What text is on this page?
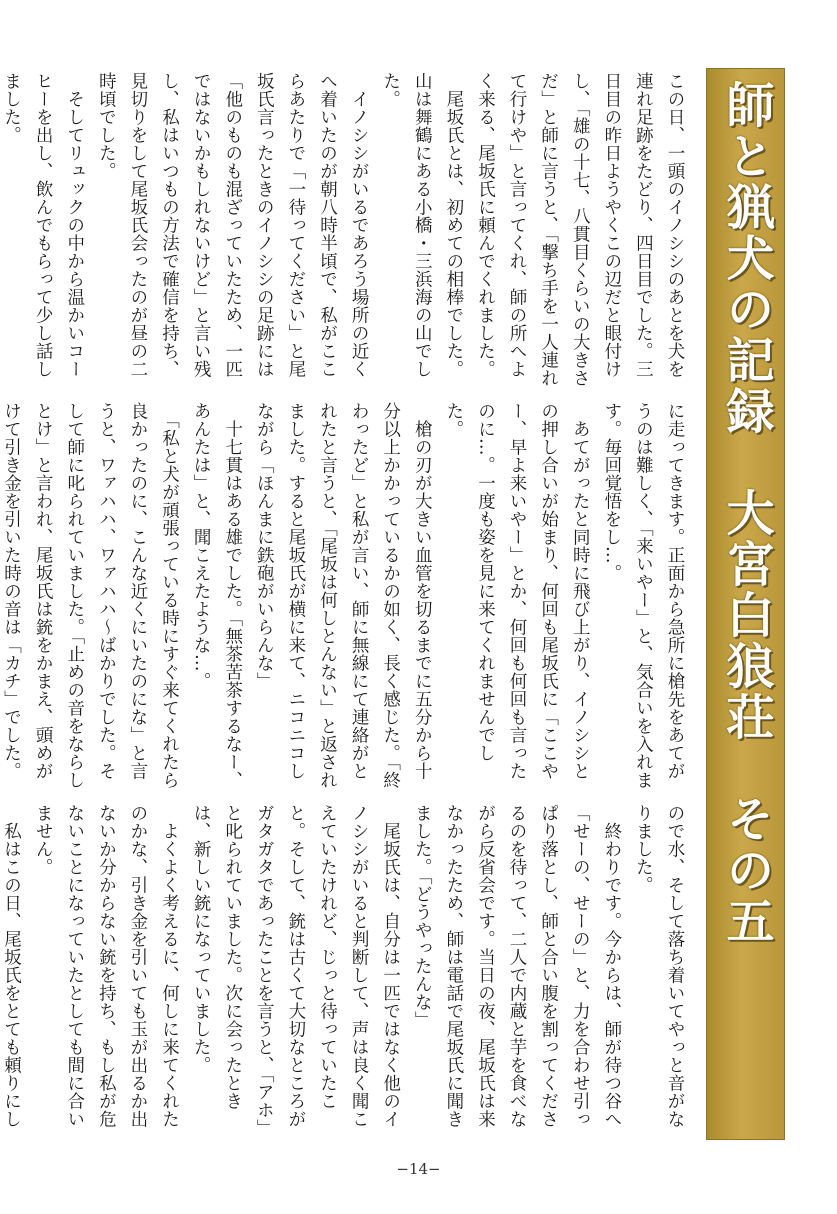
師と猟犬の記録　大宮白狼荘　その五

この日、一頭のイノシシのあとを犬を連れ足跡をたどり、四日目でした。三日目の昨日ようやくこの辺だと眼付けし、「雄の十七、八貫目くらいの大きさだ」と師に言うと、「撃ち手を一人連れて行けや」と言ってくれ、師の所へよく来る、尾坂氏に頼んでくれました。
　尾坂氏とは、初めての相棒でした。山は舞鶴にある小橋・三浜海の山でした。
　イノシシがいるであろう場所の近くへ着いたのが朝八時半頃で、私がここらあたりで「一待ってください」と尾坂氏言ったときのイノシシの足跡には「他のものも混ざっていたため、一匹ではないかもしれないけど」と言い残し、私はいつもの方法で確信を持ち、見切りをして尾坂氏会ったのが昼の二時頃でした。
　そしてリュックの中から温かいコーヒーを出し、飲んでもらって少し話しました。

に走ってきます。正面から急所に槍先をあてがうのは難しく、「来いやー」と、気合いを入れます。毎回覚悟をし…。
　あてがったと同時に飛び上がり、イノシシとの押し合いが始まり、何回も尾坂氏に「ここやー、早よ来いやー」とか、何回も何回も言ったのに…。一度も姿を見に来てくれませんでした。
　槍の刃が大きい血管を切るまでに五分から十分以上かかっているかの如く、長く感じた。「終わったど」と私が言い、師に無線にて連絡がとれたと言うと、「尾坂は何しとんない」と返されました。すると尾坂氏が横に来て、ニコニコしながら「ほんまに鉄砲がいらんな」
　十七貫はある雄でした。「無茶苦茶するなー、あんたは」と、聞こえたような…。
　「私と犬が頑張っている時にすぐ来てくれたら良かったのに、こんな近くにいたのにな」と言うと、ワァハハ、ワァハハ～ばかりでした。そして師に叱られていました。「止めの音をならしとけ」と言われ、尾坂氏は銃をかまえ、頭めがけて引き金を引いた時の音は「カチ」でした。

ので水、そして落ち着いてやっと音がなりました。
　終わりです。今からは、師が待つ谷へ「せーの、せーの」と、力を合わせ引っぱり落とし、師と合い腹を割ってくださるのを待って、二人で内蔵と芋を食べながら反省会です。当日の夜、尾坂氏は来なかったため、師は電話で尾坂氏に聞きました。「どうやったんな」
　尾坂氏は、自分は一匹ではなく他のイノシシがいると判断して、声は良く聞こえていたけれど、じっと待っていたこと。そして、銃は古くて大切なところがガタガタであったことを言うと、「アホ」と叱られていました。次に会ったときは、新しい銃になっていました。
　よくよく考えるに、何しに来てくれたのかな、引き金を引いても玉が出るか出ないか分からない銃を持ち、もし私が危ないことになっていたとしても間に合いません。
　私はこの日、尾坂氏をとても頼りにし

−14−
